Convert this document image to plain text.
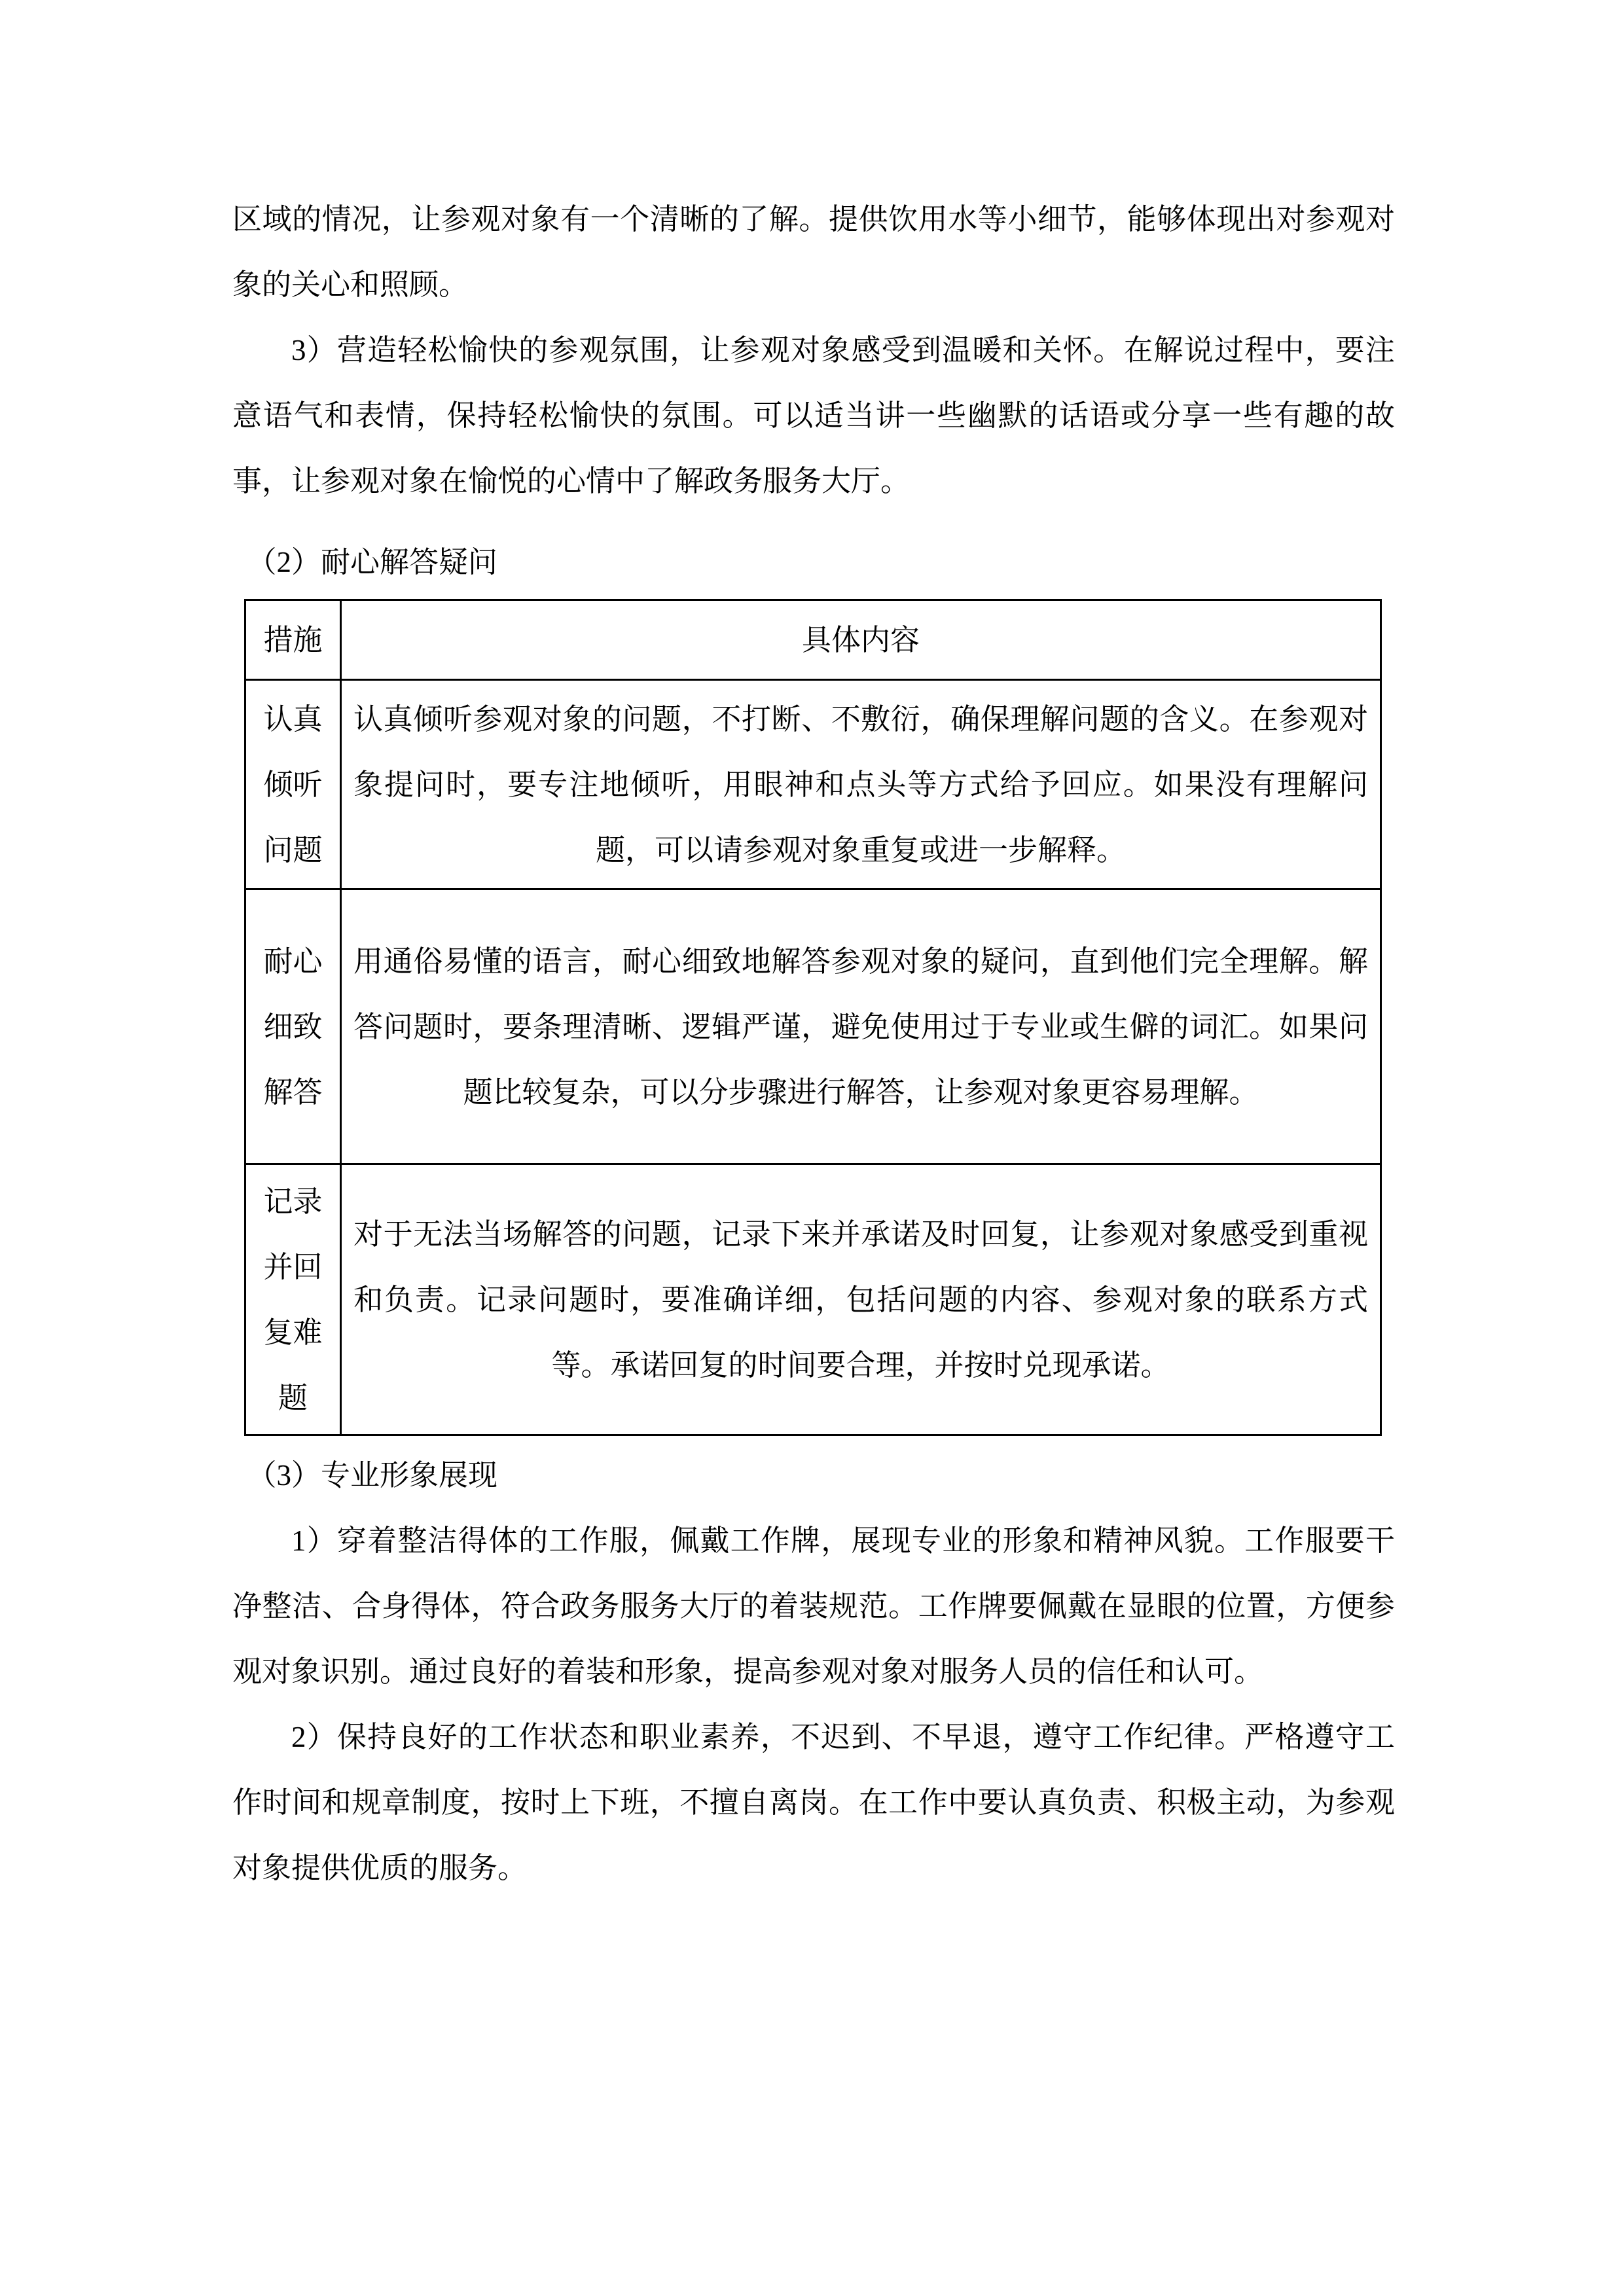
区域的情况，让参观对象有一个清晰的了解。提供饮用水等小细节，能够体现出对参观对象的关心和照顾。

3）营造轻松愉快的参观氛围，让参观对象感受到温暖和关怀。在解说过程中，要注意语气和表情，保持轻松愉快的氛围。可以适当讲一些幽默的话语或分享一些有趣的故事，让参观对象在愉悦的心情中了解政务服务大厅。

（2）耐心解答疑问

措施	具体内容
认真倾听问题	认真倾听参观对象的问题，不打断、不敷衍，确保理解问题的含义。在参观对象提问时，要专注地倾听，用眼神和点头等方式给予回应。如果没有理解问题，可以请参观对象重复或进一步解释。
耐心细致解答	用通俗易懂的语言，耐心细致地解答参观对象的疑问，直到他们完全理解。解答问题时，要条理清晰、逻辑严谨，避免使用过于专业或生僻的词汇。如果问题比较复杂，可以分步骤进行解答，让参观对象更容易理解。
记录并回复难题	对于无法当场解答的问题，记录下来并承诺及时回复，让参观对象感受到重视和负责。记录问题时，要准确详细，包括问题的内容、参观对象的联系方式等。承诺回复的时间要合理，并按时兑现承诺。

（3）专业形象展现

1）穿着整洁得体的工作服，佩戴工作牌，展现专业的形象和精神风貌。工作服要干净整洁、合身得体，符合政务服务大厅的着装规范。工作牌要佩戴在显眼的位置，方便参观对象识别。通过良好的着装和形象，提高参观对象对服务人员的信任和认可。

2）保持良好的工作状态和职业素养，不迟到、不早退，遵守工作纪律。严格遵守工作时间和规章制度，按时上下班，不擅自离岗。在工作中要认真负责、积极主动，为参观对象提供优质的服务。
